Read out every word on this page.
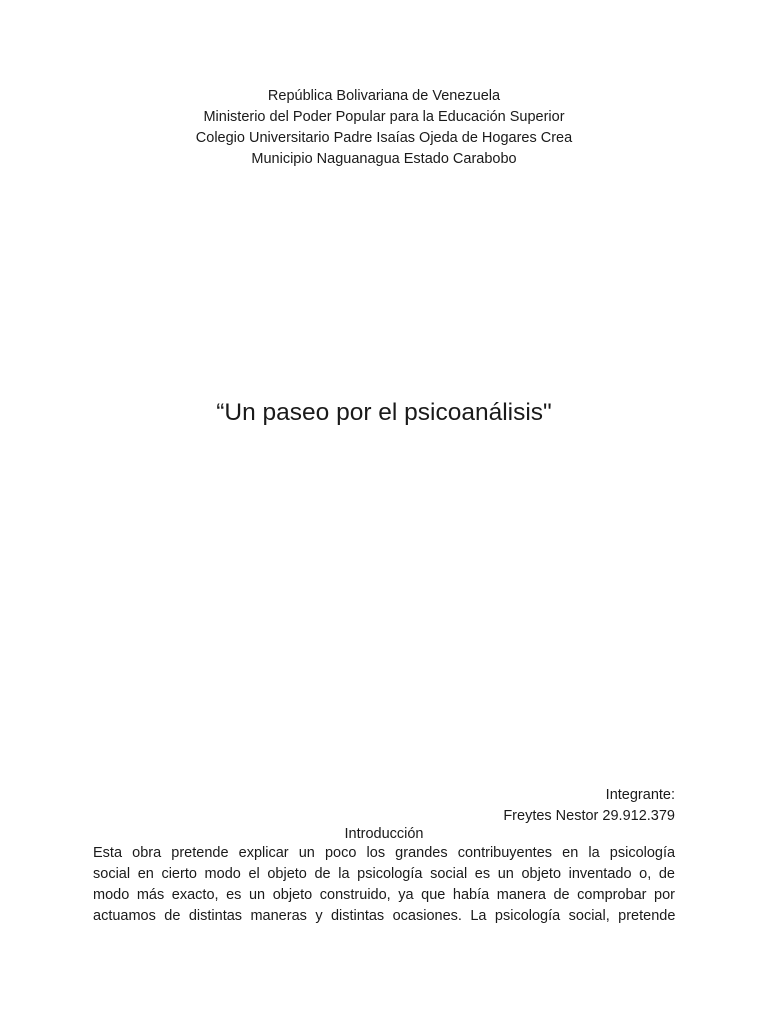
República Bolivariana de Venezuela
Ministerio del Poder Popular para la Educación Superior
Colegio Universitario Padre Isaías Ojeda de Hogares Crea
Municipio Naguanagua Estado Carabobo
“Un paseo por el psicoanálisis"
Integrante:
Freytes Nestor 29.912.379
Introducción
Esta obra pretende explicar un poco los grandes contribuyentes en la psicología
social en cierto modo el objeto de la psicología social es un objeto inventado o, de
modo más exacto, es un objeto construido, ya que había manera de comprobar por
actuamos de distintas maneras y distintas ocasiones. La psicología social, pretende
